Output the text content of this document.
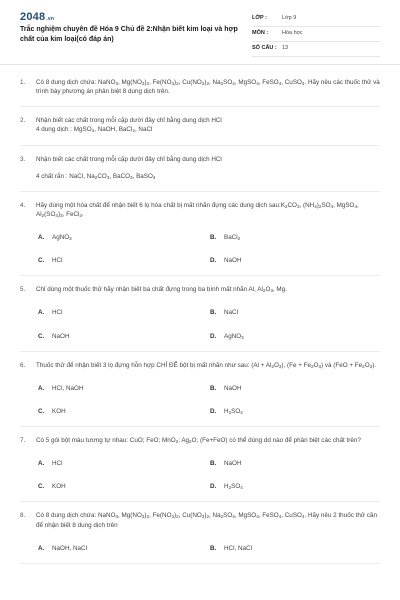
2048.vn
Trắc nghiệm chuyên đề Hóa 9 Chủ đề 2:Nhận biết kim loại và hợp chất của kim loại(có đáp án)
LỚP :	Lớp 9
MÔN :	Hóa học
SỐ CÂU : 13
1.	Có 8 dung dịch chứa: NaNO$_3$, $Mg(NO_3)_2$, $Fe(NO_3)_2$, $Cu(NO_3)_2$, $Na_2SO_4$, MgSO$_4$, FeSO$_4$, CuSO$_4$. Hãy nêu các thuốc thử và trình bày phương án phân biệt 8 dung dịch trên.

2.	Nhận biết các chất trong mỗi cặp dưới đây chỉ bằng dung dịch HCl
4 dung dịch : MgSO$_4$, NaOH, BaCl$_2$, NaCl

3.	Nhận biết các chất trong mỗi cặp dưới đây chỉ bằng dung dịch HCl

4 chất rắn : NaCl, $Na_2CO_3$, BaCO$_3$, BaSO$_4$

4.	Hãy dùng một hóa chất để nhận biết 6 lọ hóa chất bị mất nhãn đựng các dung dịch $sau:K_2CO_3$, $(NH_4)_2SO_4$, MgSO$_4$, $Al_2(SO_4)_3$, FeCl$_3$.

A.	AgNO$_3$	B.	BaCl$_2$
C.	HCl	D.	NaOH
5.	Chỉ dùng một thuốc thử hãy nhận biết ba chất đựng trong ba bình mất nhãn Al, $Al_2O_3$, Mg.

A.	HCl	B.	NaCl
C.	NaOH	D.	AgNO$_3$
6.	Thuốc thử để nhận biết 3 lọ đựng hỗn hợp CHỈ ĐỂ bột bị mất nhãn như sau: $(Al + Al_2O_3)$, $(Fe + Fe_2O_3)$ và $(FeO + Fe_2O_3)$.

A.	HCl, NaOH	B.	NaOH
C.	KOH	D.	$H_2SO_4$
7.	Có 5 gói bột màu tương tự nhau: CuO; FeO; MnO$_2$; $Ag_2O$; (Fe+FeO) có thể dùng dd nào để phân biệt các chất trên?

A.	HCl	B.	NaOH
C.	KOH	D.	$H_2SO_4$
8.	Có 8 dung dịch chứa: NaNO$_3$, $Mg(NO_3)_2$, $Fe(NO_3)_2$, $Cu(NO_3)_2$, $Na_2SO_4$, MgSO$_4$, FeSO$_4$, CuSO$_4$. Hãy nêu 2 thuốc thử cần để nhận biết 8 dung dịch trên

A.	NaOH, NaCl	B.	HCl, NaCl
